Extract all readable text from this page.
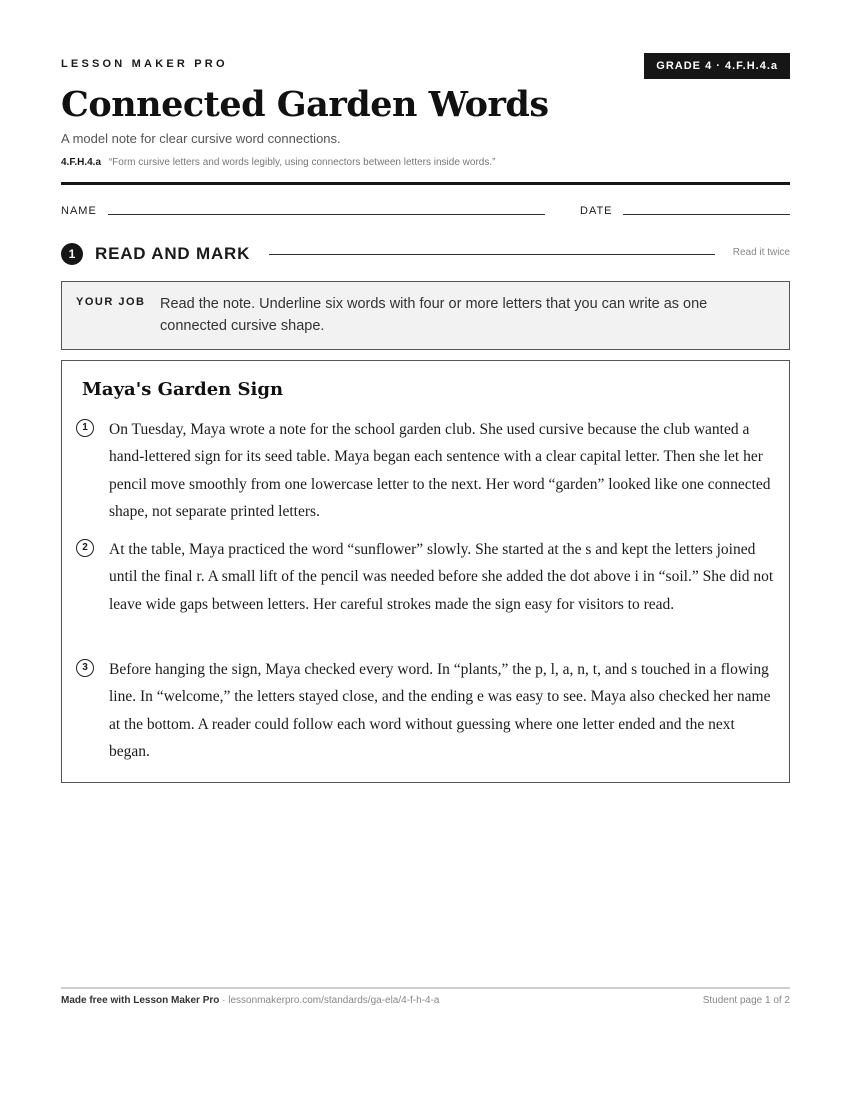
LESSON MAKER PRO	GRADE 4 · 4.F.H.4.a
Connected Garden Words
A model note for clear cursive word connections.
4.F.H.4.a “Form cursive letters and words legibly, using connectors between letters inside words.”
NAME	DATE
1	READ AND MARK	Read it twice
YOUR JOB Read the note. Underline six words with four or more letters that you can write as one connected cursive shape.
Maya's Garden Sign
1	On Tuesday, Maya wrote a note for the school garden club. She used cursive because the club wanted a hand-lettered sign for its seed table. Maya began each sentence with a clear capital letter. Then she let her pencil move smoothly from one lowercase letter to the next. Her word “garden” looked like one connected shape, not separate printed letters.

2	At the table, Maya practiced the word “sunflower” slowly. She started at the s and kept the letters joined until the final r. A small lift of the pencil was needed before she added the dot above i in “soil.” She did not leave wide gaps between letters. Her careful strokes made the sign easy for visitors to read.

3	Before hanging the sign, Maya checked every word. In “plants,” the p, l, a, n, t, and s touched in a flowing line. In “welcome,” the letters stayed close, and the ending e was easy to see. Maya also checked her name at the bottom. A reader could follow each word without guessing where one letter ended and the next began.

Made free with Lesson Maker Pro · lessonmakerpro.com/standards/ga-ela/4-f-h-4-a	Student page 1 of 2
